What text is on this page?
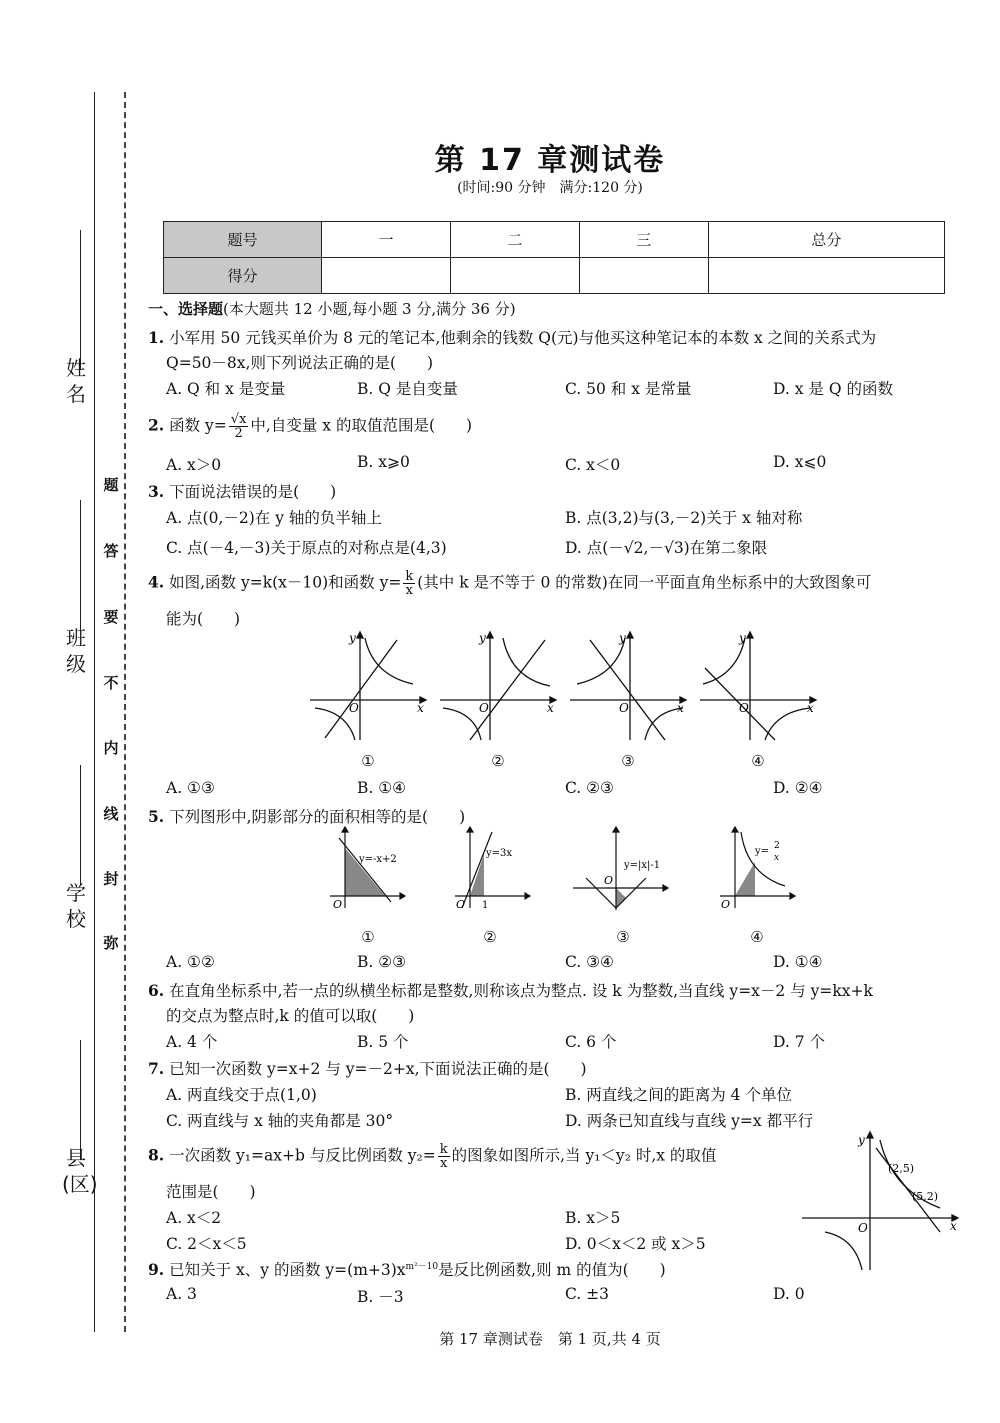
姓名
班级
学校
县(区)
题
答
要
不
内
线
封
弥
第 17 章测试卷
(时间:90 分钟　满分:120 分)
题号	一	二	三	总分
得分				
一、选择题(本大题共 12 小题,每小题 3 分,满分 36 分)
1. 小军用 50 元钱买单价为 8 元的笔记本,他剩余的钱数 Q(元)与他买这种笔记本的本数 x 之间的关系式为
Q=50－8x,则下列说法正确的是(　　)
A. Q 和 x 是变量	B. Q 是自变量	C. 50 和 x 是常量	D. x 是 Q 的函数
2. 函数 $y= \frac{√x}{2}$ 中,自变量 x 的取值范围是(　　)
A. x＞0	B. x⩾0	C. x＜0	D. x⩽0
3. 下面说法错误的是(　　)
A. 点(0,－2)在 y 轴的负半轴上	B. 点(3,2)与(3,－2)关于 x 轴对称
C. 点(－4,－3)关于原点的对称点是(4,3)	D. 点(－√2,－√3)在第二象限
4. 如图,函数 y=k(x－10)和函数 $y= \frac{k}{x}$ (其中 k 是不等于 0 的常数)在同一平面直角坐标系中的大致图象可
能为(　　)
y
x
O
y
x
O
y
x
O
y
x
O
①	②	③	④
A. ①③	B. ①④	C. ②③	D. ②④
5. 下列图形中,阴影部分的面积相等的是(　　)
y=-x+2
O
y=3x
1
O
y=|x|-1
O
y= 2
x
O
①	②	③	④
A. ①②	B. ②③	C. ③④	D. ①④
6. 在直角坐标系中,若一点的纵横坐标都是整数,则称该点为整点. 设 k 为整数,当直线 y=x－2 与 y=kx+k
的交点为整点时,k 的值可以取(　　)
A. 4 个	B. 5 个	C. 6 个	D. 7 个
7. 已知一次函数 y=x+2 与 y=－2+x,下面说法正确的是(　　)
A. 两直线交于点(1,0)	B. 两直线之间的距离为 4 个单位
C. 两直线与 x 轴的夹角都是 30°	D. 两条已知直线与直线 y=x 都平行
8. 一次函数 y₁=ax+b 与反比例函数 $y_2= \frac{k}{x}$ 的图象如图所示,当 y₁＜y₂ 时,x 的取值
范围是(　　)
A. x＜2	B. x＞5
C. 2＜x＜5	D. 0＜x＜2 或 x＞5
y
x
O
(2,5)
(5,2)
9. 已知关于 x、y 的函数 $y=(m+3)x^{m^2-10}$是反比例函数,则 m 的值为(　　)
A. 3	B. －3	C. ±3	D. 0
第 17 章测试卷　第 1 页,共 4 页
